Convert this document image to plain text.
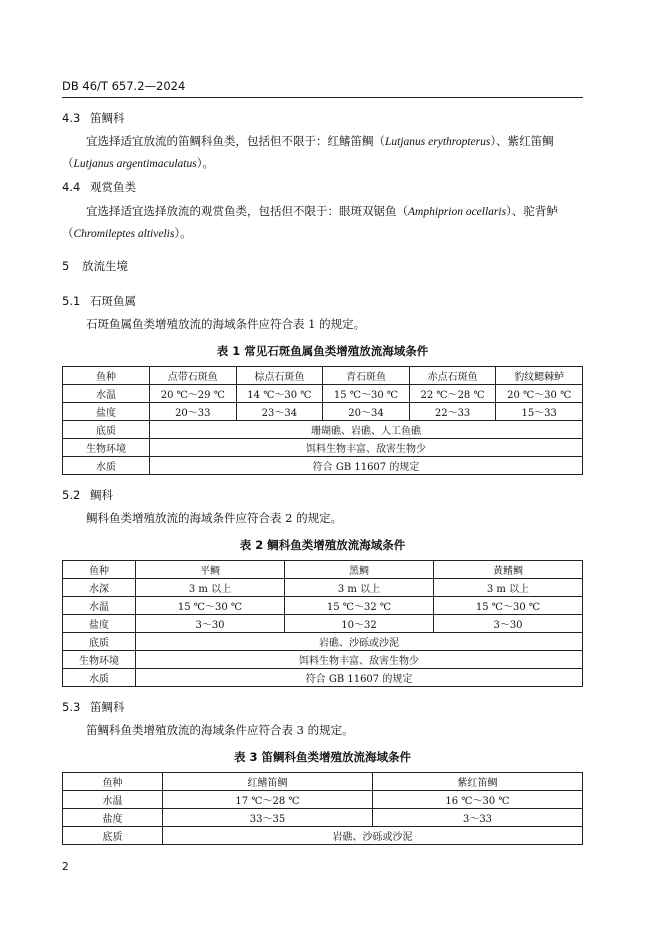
DB 46/T 657.2—2024
4.3 笛鲷科
宜选择适宜放流的笛鲷科鱼类，包括但不限于：红鳍笛鲷（Lutjanus erythropterus）、紫红笛鲷（Lutjanus argentimaculatus）。
4.4 观赏鱼类
宜选择适宜选择放流的观赏鱼类，包括但不限于：眼斑双锯鱼（Amphiprion ocellaris）、驼背鲈（Chromileptes altivelis）。
5 放流生境
5.1 石斑鱼属
石斑鱼属鱼类增殖放流的海域条件应符合表 1 的规定。
表 1 常见石斑鱼属鱼类增殖放流海域条件
鱼种	点带石斑鱼	棕点石斑鱼	青石斑鱼	赤点石斑鱼	豹纹鳃棘鲈
水温	20 ℃～29 ℃	14 ℃～30 ℃	15 ℃～30 ℃	22 ℃～28 ℃	20 ℃～30 ℃
盐度	20～33	23～34	20～34	22～33	15～33
底质	珊瑚礁、岩礁、人工鱼礁				
生物环境	饵料生物丰富、敌害生物少				
水质	符合 GB 11607 的规定				
5.2 鲷科
鲷科鱼类增殖放流的海域条件应符合表 2 的规定。
表 2 鲷科鱼类增殖放流海域条件
鱼种	平鲷	黑鲷	黄鳍鲷
水深	3 m 以上	3 m 以上	3 m 以上
水温	15 ℃～30 ℃	15 ℃～32 ℃	15 ℃～30 ℃
盐度	3～30	10～32	3～30
底质	岩礁、沙砾或沙泥		
生物环境	饵料生物丰富、敌害生物少		
水质	符合 GB 11607 的规定		
5.3 笛鲷科
笛鲷科鱼类增殖放流的海域条件应符合表 3 的规定。
表 3 笛鲷科鱼类增殖放流海域条件
鱼种	红鳍笛鲷	紫红笛鲷
水温	17 ℃～28 ℃	16 ℃～30 ℃
盐度	33～35	3～33
底质	岩礁、沙砾或沙泥	
2
